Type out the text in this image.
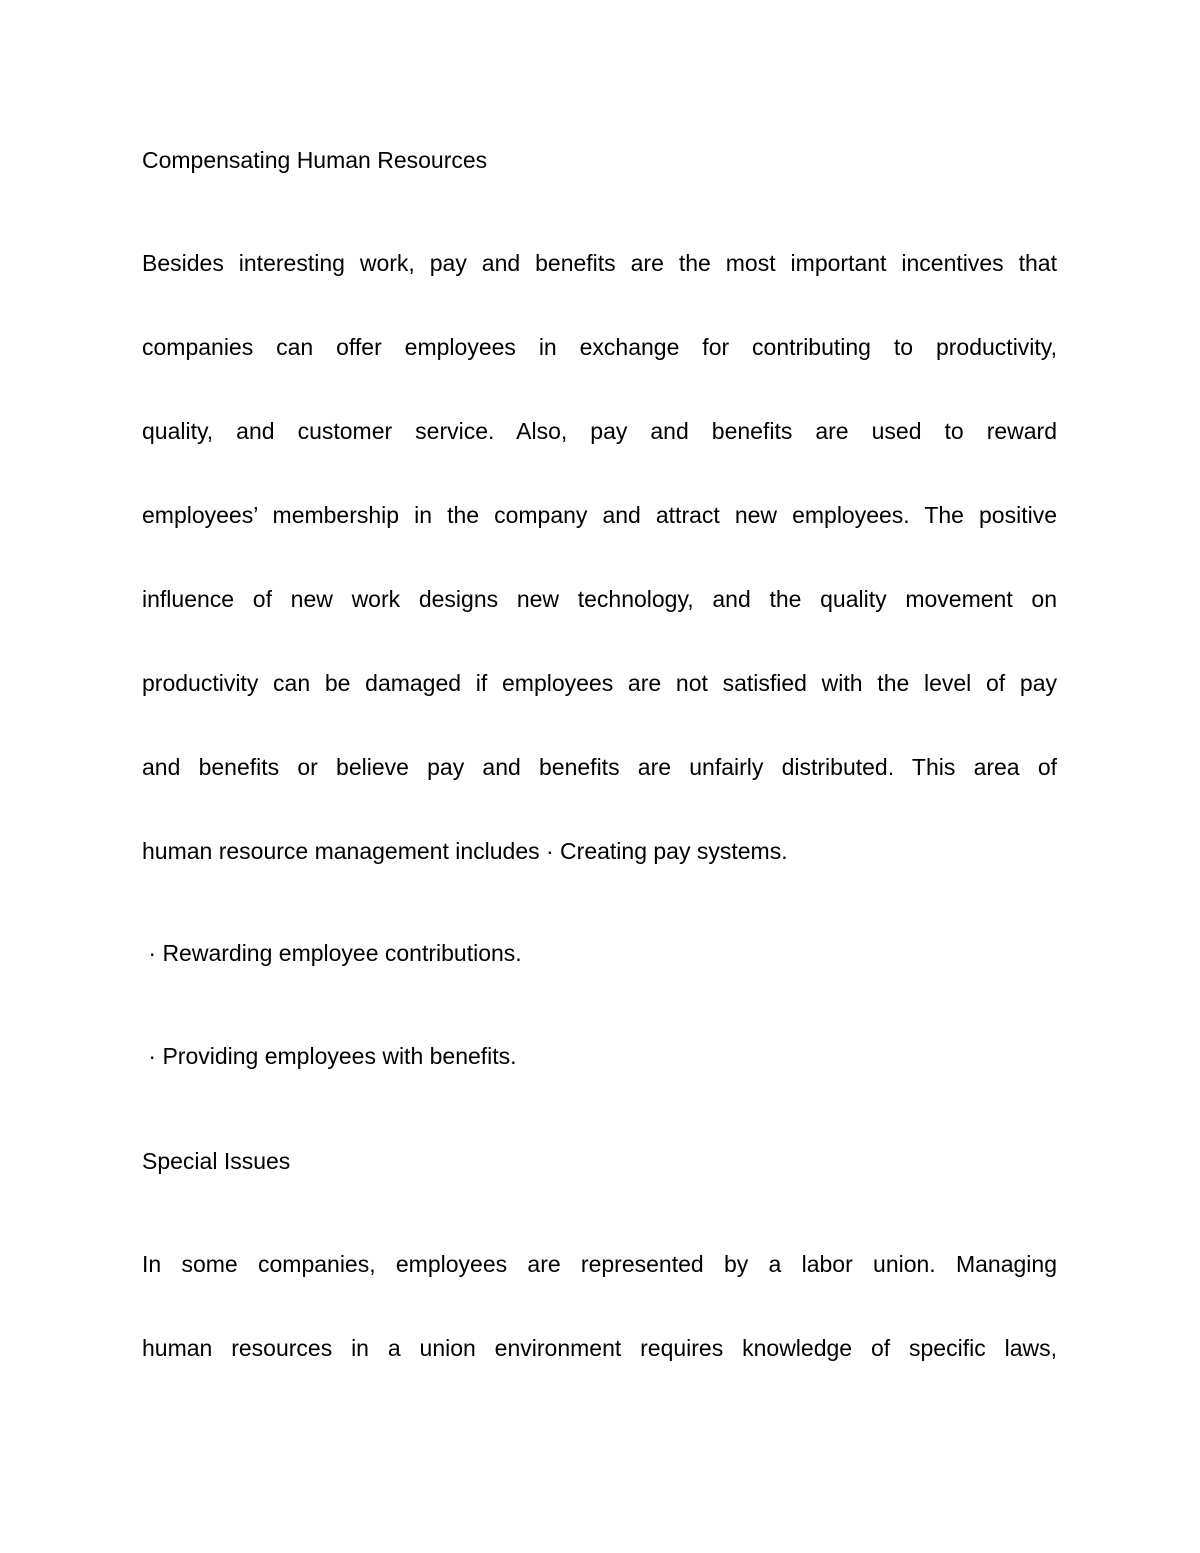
Compensating Human Resources
Besides interesting work, pay and benefits are the most important incentives that
companies can offer employees in exchange for contributing to productivity,
quality, and customer service. Also, pay and benefits are used to reward
employees’ membership in the company and attract new employees. The positive
influence of new work designs new technology, and the quality movement on
productivity can be damaged if employees are not satisfied with the level of pay
and benefits or believe pay and benefits are unfairly distributed. This area of
human resource management includes · Creating pay systems.
· Rewarding employee contributions.
· Providing employees with benefits.
Special Issues
In some companies, employees are represented by a labor union. Managing
human resources in a union environment requires knowledge of specific laws,
